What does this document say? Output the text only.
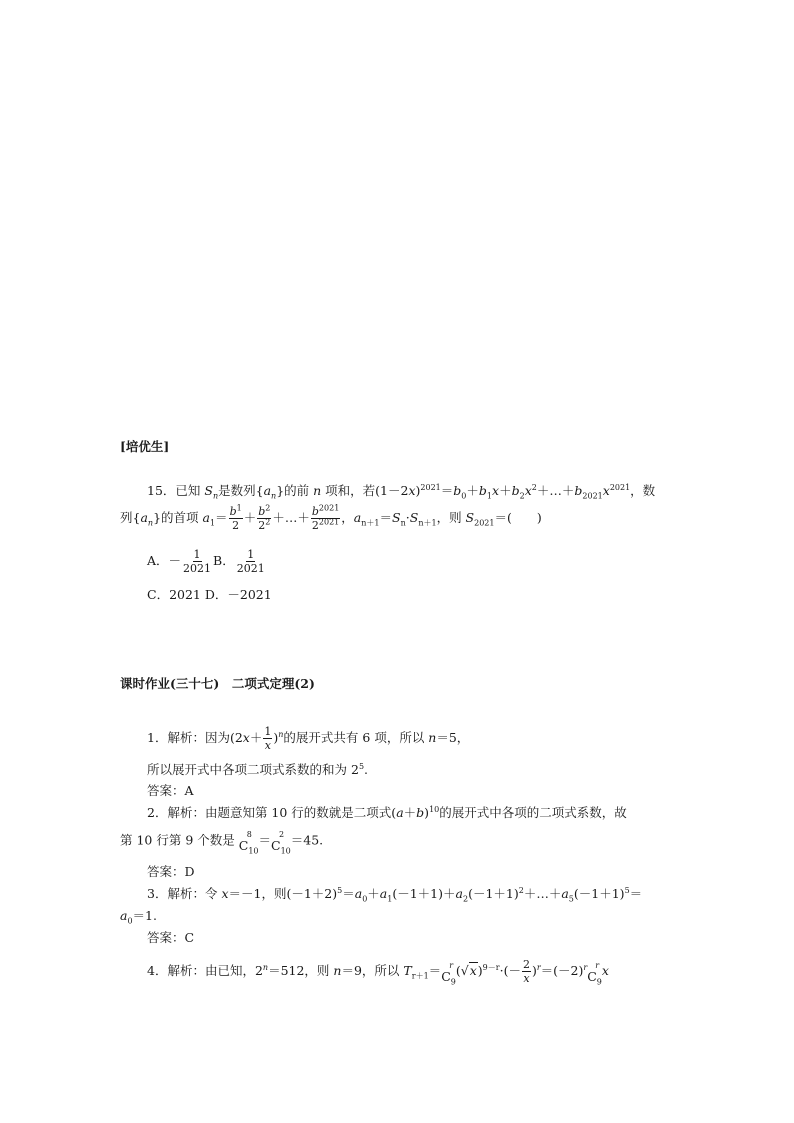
[培优生]
15．已知 $S_n$是数列$\{a_n\}$的前 n 项和，若$(1-2x)^{2021}=b_0+b_1x+b_2x^2+\dots+b_{2021}x^{2021}$，数
列$\{a_n\}$的首项 $a_1= \frac{b^1}{2} + \frac{b^2}{2^2}$ ＋…＋ $\frac{b^{2021}}{2^{2021}}$ ，$a_{n+1}=S_n\cdot S_{n+1}$，则 $S_{2021}=$(　　)
A．－ $\frac{1}{2021}$ B． $\frac{1}{2021}$
C．2021 D．－2021
课时作业(三十七)　二项式定理(2)
1．解析：因为$(2x+ \frac{1}{x} )^n$的展开式共有 6 项，所以 n＝5，
所以展开式中各项二项式系数的和为 $2^5$.
答案：A
2．解析：由题意知第 10 行的数就是二项式$(a+b)^{10}$的展开式中各项的二项式系数，故
第 10 行第 9 个数是	8
$C_{10}$
＝	2
$C_{10}$
＝45.
答案：D
3．解析：令 x＝－1，则$(-1+2)^5=a_0+a_1(-1+1)+a_2(-1+1)^2+\dots+a_5(-1+1)^5=$
$a_0=1$.
答案：C
4．解析：由已知，$2^n=512$，则 n＝9，所以 $T_{r+1}=$	r
$C_9$
$(√x)^{9-r}\cdot(- \frac{2}{x} )^r=(-2)^r$	r
$C_9$
x
